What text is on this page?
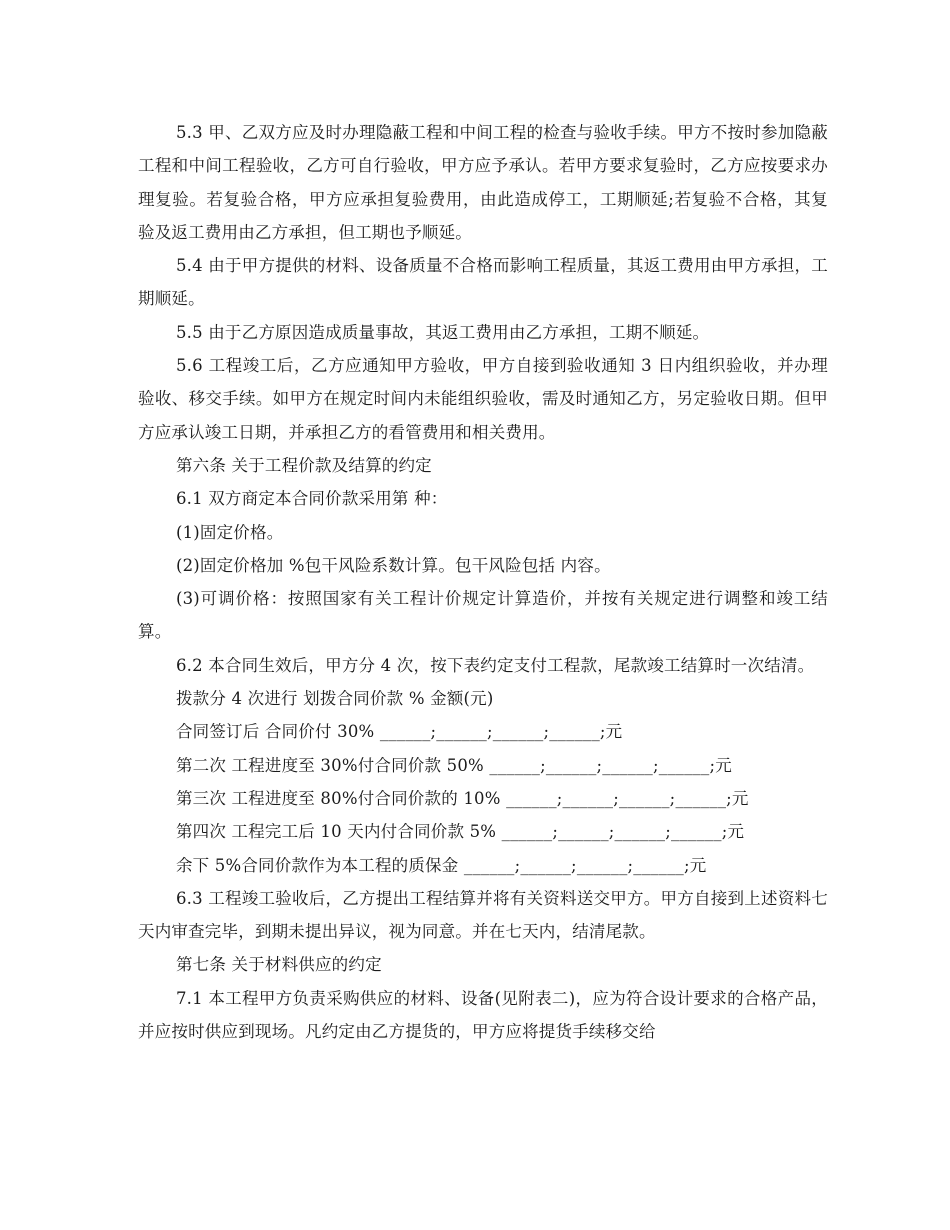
5.3 甲、乙双方应及时办理隐蔽工程和中间工程的检查与验收手续。甲方不按时参加隐蔽工程和中间工程验收，乙方可自行验收，甲方应予承认。若甲方要求复验时，乙方应按要求办理复验。若复验合格，甲方应承担复验费用，由此造成停工，工期顺延;若复验不合格，其复验及返工费用由乙方承担，但工期也予顺延。

5.4 由于甲方提供的材料、设备质量不合格而影响工程质量，其返工费用由甲方承担，工期顺延。

5.5 由于乙方原因造成质量事故，其返工费用由乙方承担，工期不顺延。

5.6 工程竣工后，乙方应通知甲方验收，甲方自接到验收通知 3 日内组织验收，并办理验收、移交手续。如甲方在规定时间内未能组织验收，需及时通知乙方，另定验收日期。但甲方应承认竣工日期，并承担乙方的看管费用和相关费用。

第六条 关于工程价款及结算的约定

6.1 双方商定本合同价款采用第 种：

(1)固定价格。

(2)固定价格加 %包干风险系数计算。包干风险包括 内容。

(3)可调价格：按照国家有关工程计价规定计算造价，并按有关规定进行调整和竣工结算。

6.2 本合同生效后，甲方分 4 次，按下表约定支付工程款，尾款竣工结算时一次结清。

拨款分 4 次进行 划拨合同价款 % 金额(元)

合同签订后 合同价付 30% ______;______;______;______;元

第二次 工程进度至 30%付合同价款 50% ______;______;______;______;元

第三次 工程进度至 80%付合同价款的 10% ______;______;______;______;元

第四次 工程完工后 10 天内付合同价款 5% ______;______;______;______;元

余下 5%合同价款作为本工程的质保金 ______;______;______;______;元

6.3 工程竣工验收后，乙方提出工程结算并将有关资料送交甲方。甲方自接到上述资料七天内审查完毕，到期未提出异议，视为同意。并在七天内，结清尾款。

第七条 关于材料供应的约定

7.1 本工程甲方负责采购供应的材料、设备(见附表二)，应为符合设计要求的合格产品，并应按时供应到现场。凡约定由乙方提货的，甲方应将提货手续移交给
